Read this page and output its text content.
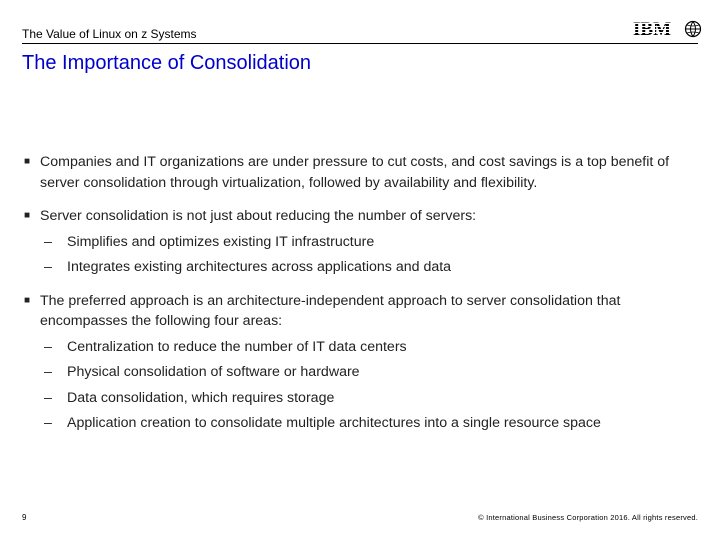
The Value of Linux on z Systems	IBM
The Importance of Consolidation
■ Companies and IT organizations are under pressure to cut costs, and cost savings is a top benefit of server consolidation through virtualization, followed by availability and flexibility.
■ Server consolidation is not just about reducing the number of servers:
– Simplifies and optimizes existing IT infrastructure
– Integrates existing architectures across applications and data
■ The preferred approach is an architecture-independent approach to server consolidation that encompasses the following four areas:
– Centralization to reduce the number of IT data centers
– Physical consolidation of software or hardware
– Data consolidation, which requires storage
– Application creation to consolidate multiple architectures into a single resource space
9	© International Business Corporation 2016. All rights reserved.
